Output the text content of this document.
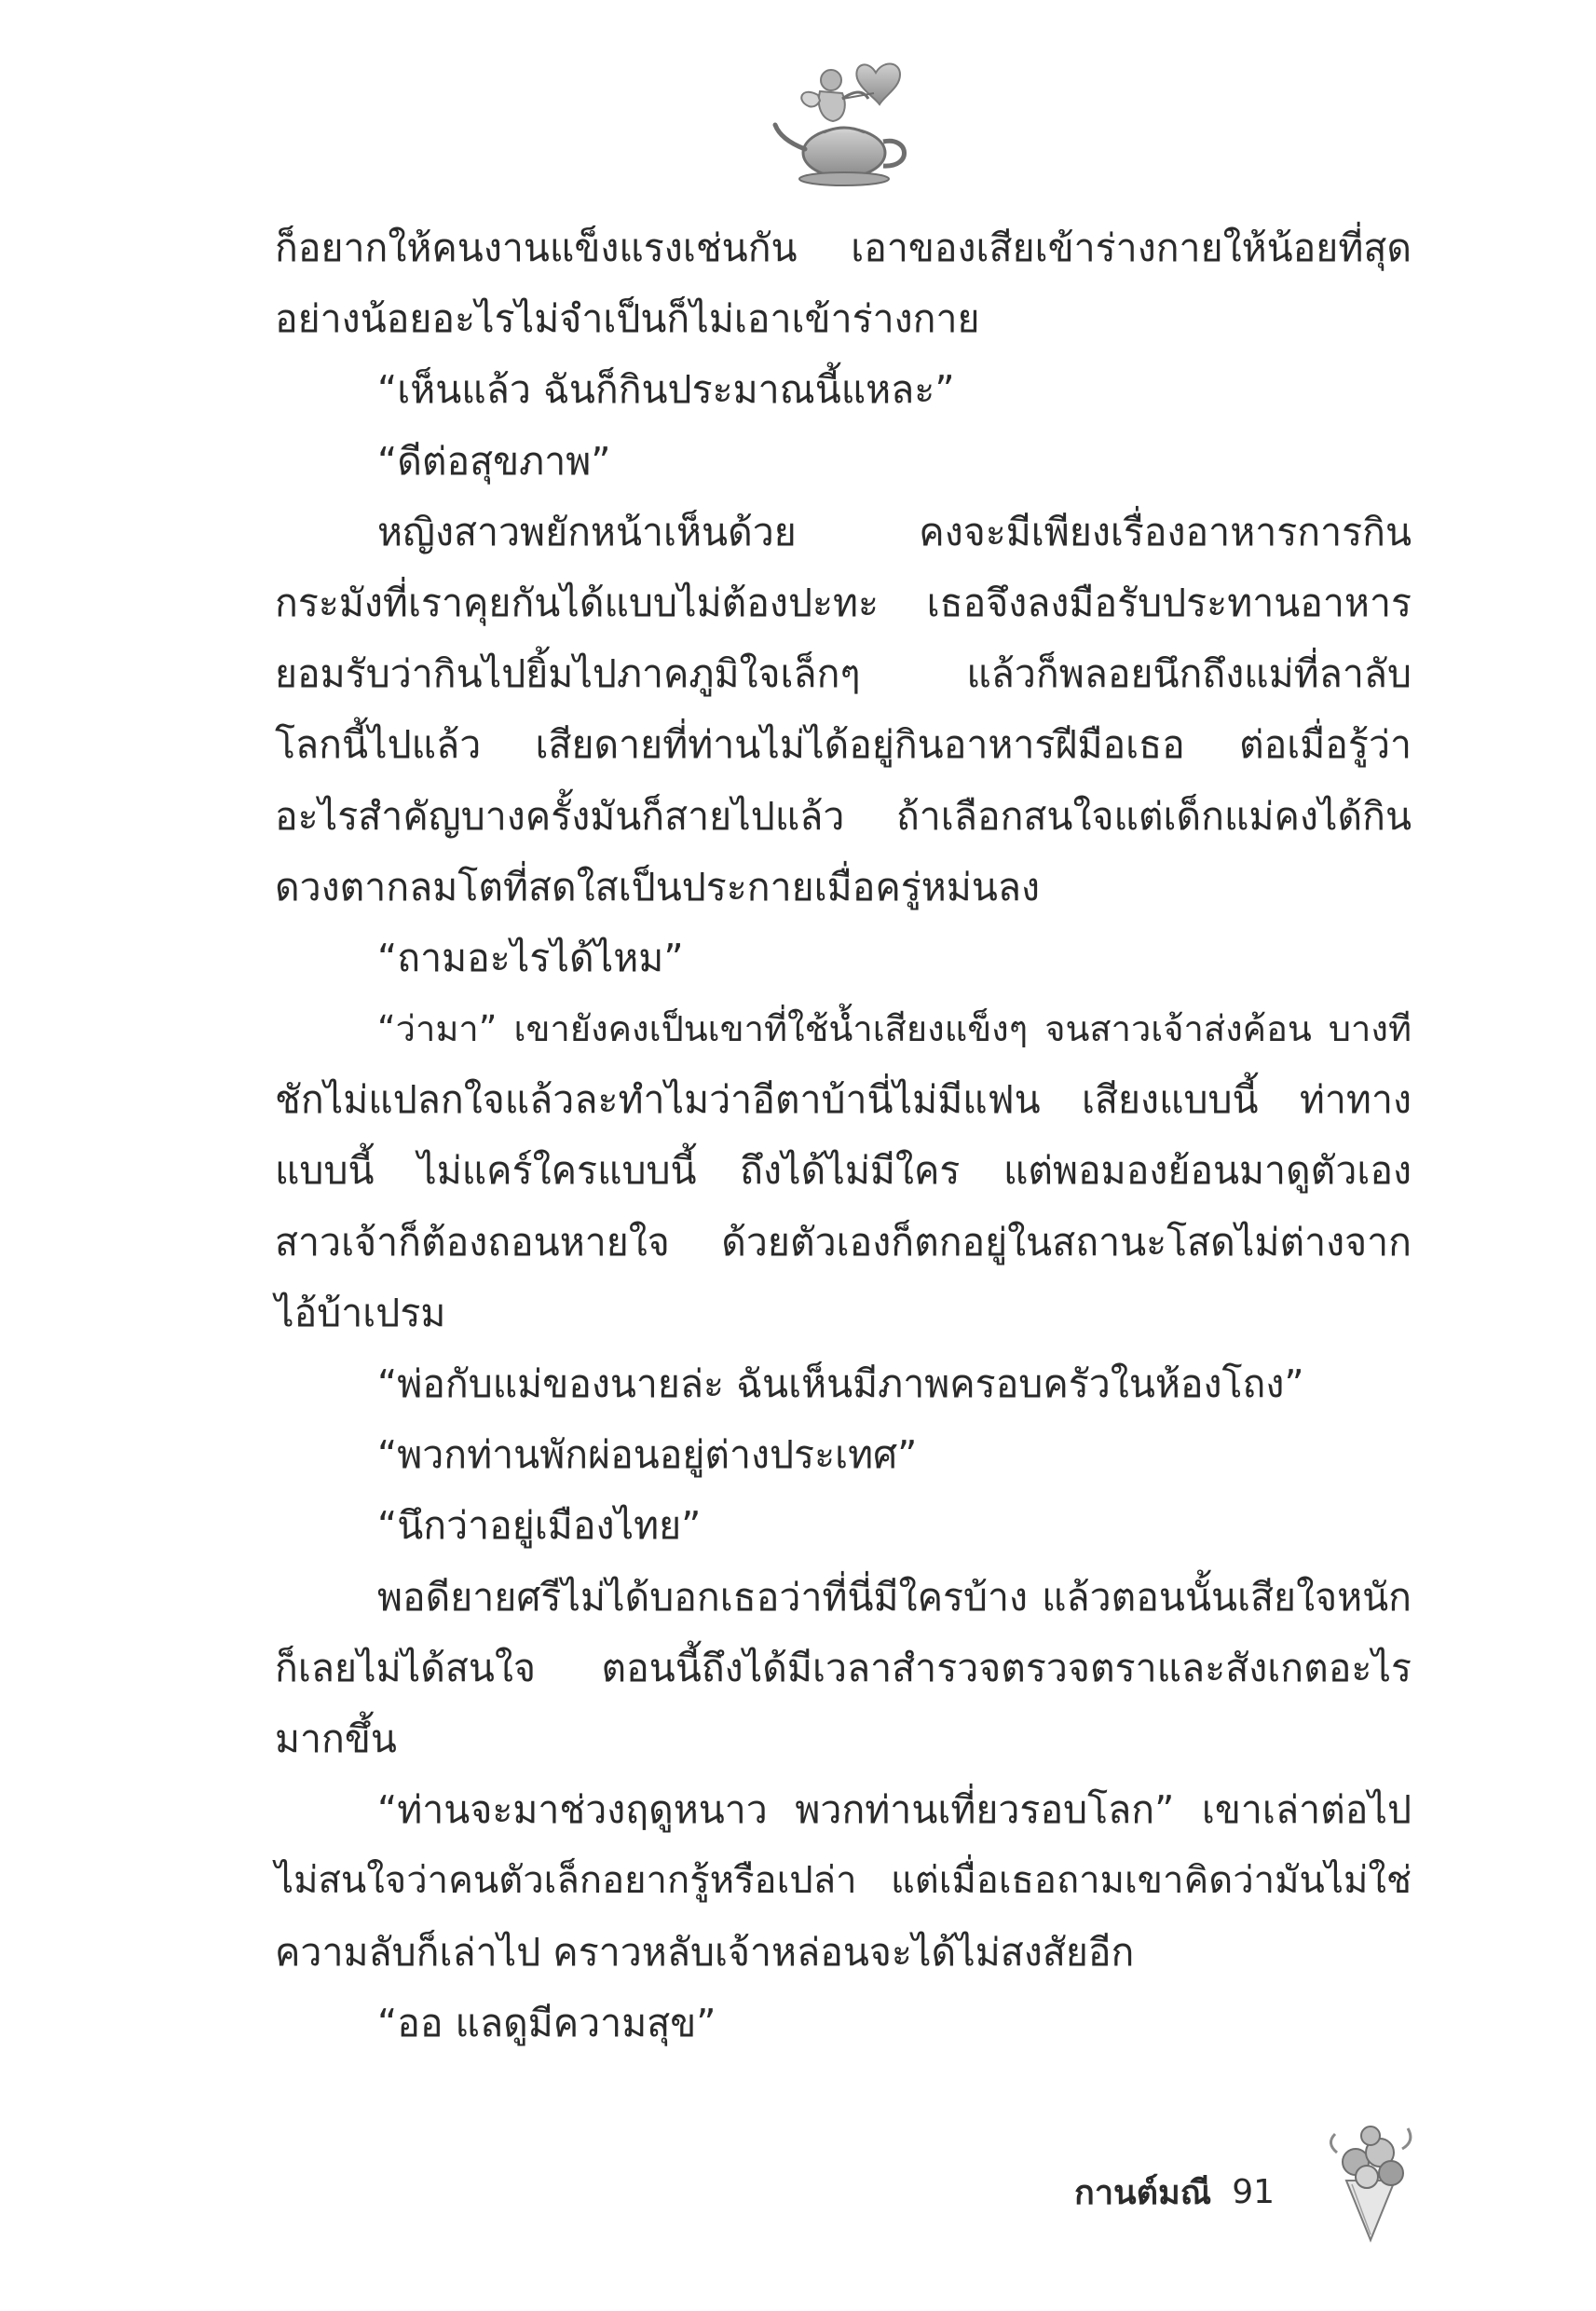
ก็อยากให้คนงานแข็งแรงเช่นกัน เอาของเสียเข้าร่างกายให้น้อยที่สุด
อย่างน้อยอะไรไม่จำเป็นก็ไม่เอาเข้าร่างกาย
“เห็นแล้ว ฉันก็กินประมาณนี้แหละ”
“ดีต่อสุขภาพ”
หญิงสาวพยักหน้าเห็นด้วย คงจะมีเพียงเรื่องอาหารการกิน
กระมังที่เราคุยกันได้แบบไม่ต้องปะทะ เธอจึงลงมือรับประทานอาหาร
ยอมรับว่ากินไปยิ้มไปภาคภูมิใจเล็กๆ แล้วก็พลอยนึกถึงแม่ที่ลาลับ
โลกนี้ไปแล้ว เสียดายที่ท่านไม่ได้อยู่กินอาหารฝีมือเธอ ต่อเมื่อรู้ว่า
อะไรสำคัญบางครั้งมันก็สายไปแล้ว ถ้าเลือกสนใจแต่เด็กแม่คงได้กิน
ดวงตากลมโตที่สดใสเป็นประกายเมื่อครู่หม่นลง
“ถามอะไรได้ไหม”
“ว่ามา” เขายังคงเป็นเขาที่ใช้น้ำเสียงแข็งๆ จนสาวเจ้าส่งค้อน บางที
ชักไม่แปลกใจแล้วละทำไมว่าอีตาบ้านี่ไม่มีแฟน เสียงแบบนี้ ท่าทาง
แบบนี้ ไม่แคร์ใครแบบนี้ ถึงได้ไม่มีใคร แต่พอมองย้อนมาดูตัวเอง
สาวเจ้าก็ต้องถอนหายใจ ด้วยตัวเองก็ตกอยู่ในสถานะโสดไม่ต่างจาก
ไอ้บ้าเปรม
“พ่อกับแม่ของนายล่ะ ฉันเห็นมีภาพครอบครัวในห้องโถง”
“พวกท่านพักผ่อนอยู่ต่างประเทศ”
“นึกว่าอยู่เมืองไทย”
พอดียายศรีไม่ได้บอกเธอว่าที่นี่มีใครบ้าง แล้วตอนนั้นเสียใจหนัก
ก็เลยไม่ได้สนใจ ตอนนี้ถึงได้มีเวลาสำรวจตรวจตราและสังเกตอะไร
มากขึ้น
“ท่านจะมาช่วงฤดูหนาว พวกท่านเที่ยวรอบโลก” เขาเล่าต่อไป
ไม่สนใจว่าคนตัวเล็กอยากรู้หรือเปล่า แต่เมื่อเธอถามเขาคิดว่ามันไม่ใช่
ความลับก็เล่าไป คราวหลับเจ้าหล่อนจะได้ไม่สงสัยอีก
“ออ แลดูมีความสุข”
กานต์มณี 91
